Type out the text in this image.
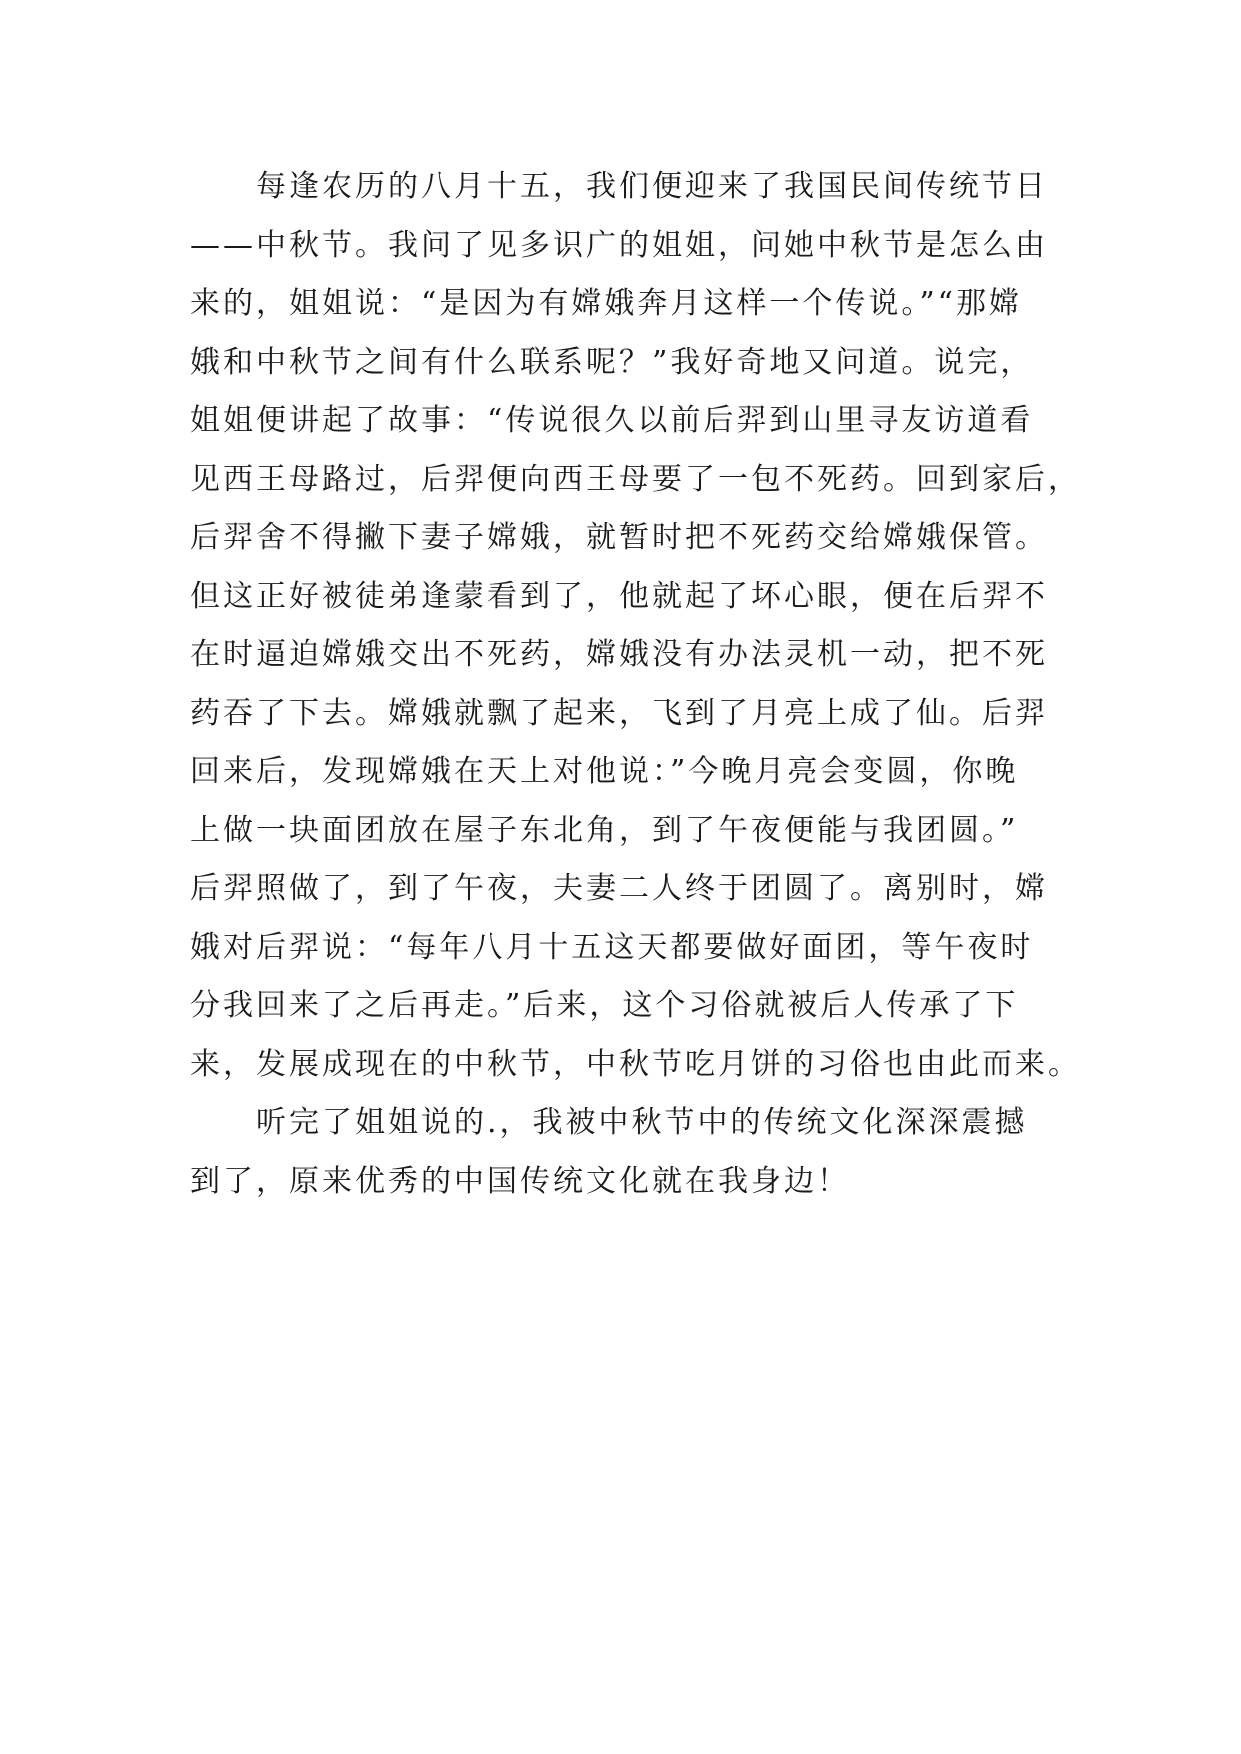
每逢农历的八月十五，我们便迎来了我国民间传统节日
——中秋节。我问了见多识广的姐姐，问她中秋节是怎么由
来的，姐姐说：“是因为有嫦娥奔月这样一个传说。”“那嫦
娥和中秋节之间有什么联系呢？”我好奇地又问道。说完，
姐姐便讲起了故事：“传说很久以前后羿到山里寻友访道看
见西王母路过，后羿便向西王母要了一包不死药。回到家后，
后羿舍不得撇下妻子嫦娥，就暂时把不死药交给嫦娥保管。
但这正好被徒弟逢蒙看到了，他就起了坏心眼，便在后羿不
在时逼迫嫦娥交出不死药，嫦娥没有办法灵机一动，把不死
药吞了下去。嫦娥就飘了起来，飞到了月亮上成了仙。后羿
回来后，发现嫦娥在天上对他说：”今晚月亮会变圆，你晚
上做一块面团放在屋子东北角，到了午夜便能与我团圆。”
后羿照做了，到了午夜，夫妻二人终于团圆了。离别时，嫦
娥对后羿说：“每年八月十五这天都要做好面团，等午夜时
分我回来了之后再走。”后来，这个习俗就被后人传承了下
来，发展成现在的中秋节，中秋节吃月饼的习俗也由此而来。
听完了姐姐说的.，我被中秋节中的传统文化深深震撼
到了，原来优秀的中国传统文化就在我身边！
